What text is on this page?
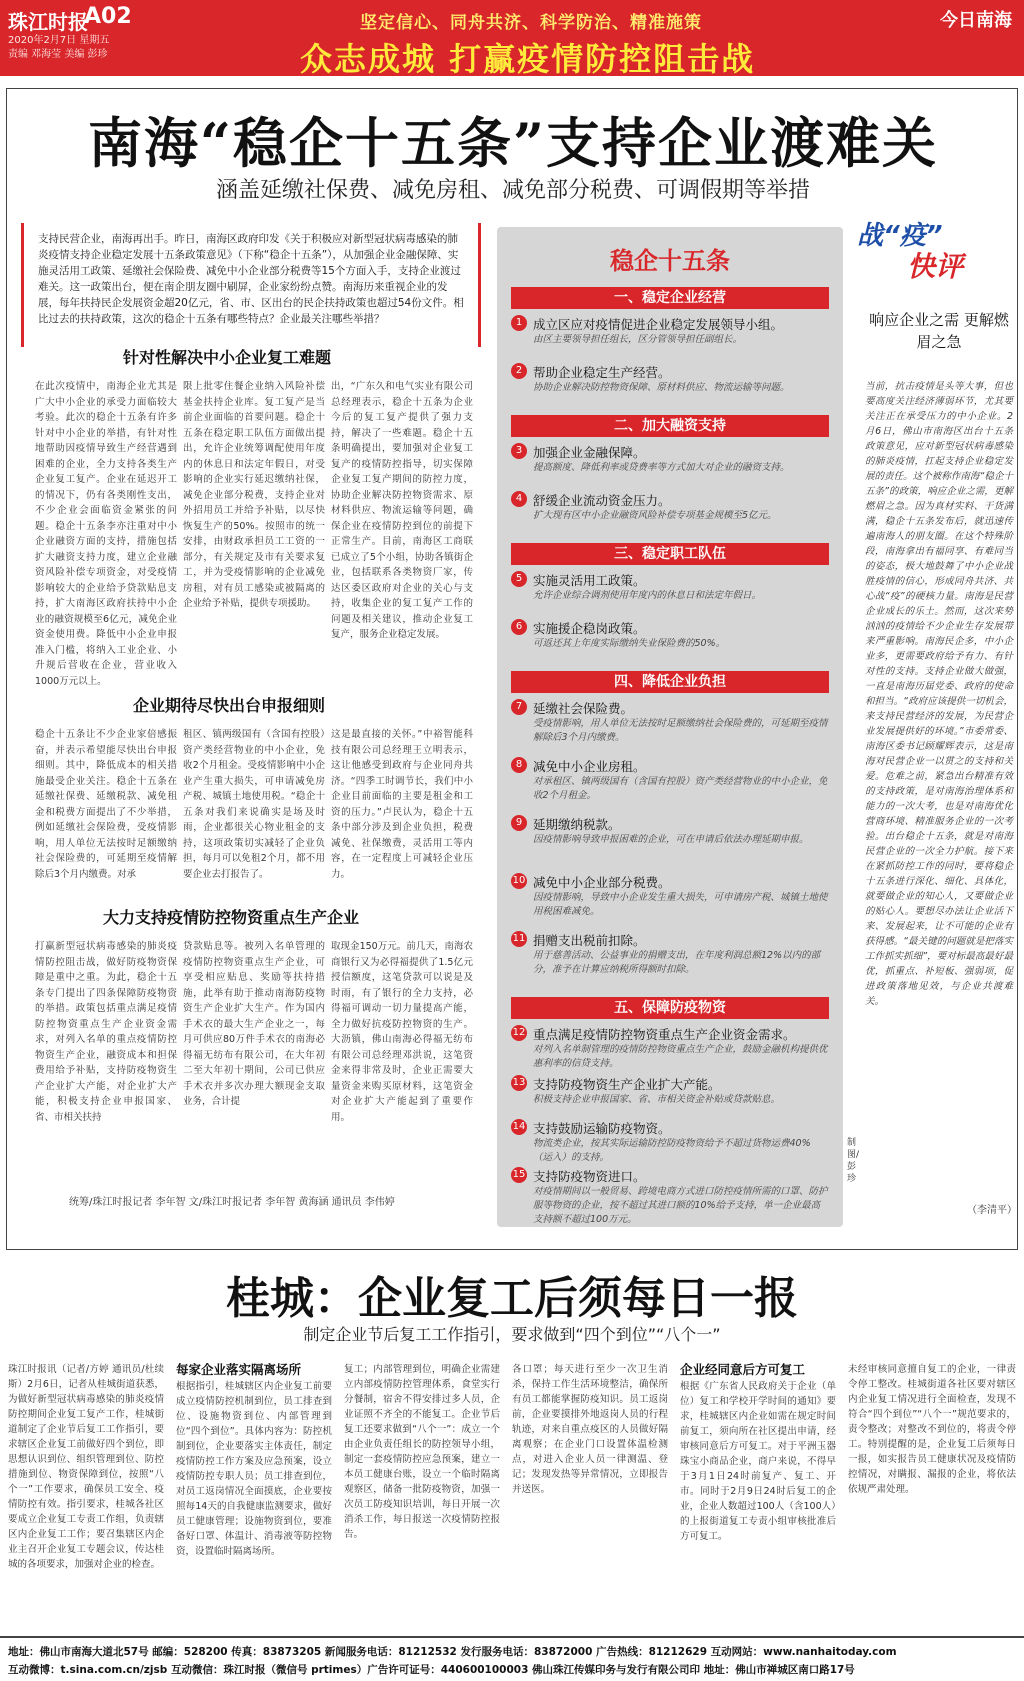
珠江时报
A02
2020年2月7日 星期五
责编 邓海莹 美编 彭珍
坚定信心、同舟共济、科学防治、精准施策
众志成城 打赢疫情防控阻击战
今日南海
南海“稳企十五条”支持企业渡难关
涵盖延缴社保费、减免房租、减免部分税费、可调假期等举措
支持民营企业，南海再出手。昨日，南海区政府印发《关于积极应对新型冠状病毒感染的肺炎疫情支持企业稳定发展十五条政策意见》（下称“稳企十五条”），从加强企业金融保障、实施灵活用工政策、延缴社会保险费、减免中小企业部分税费等15个方面入手，支持企业渡过难关。这一政策出台，便在南企朋友圈中刷屏，企业家纷纷点赞。南海历来重视企业的发展，每年扶持民企发展资金超20亿元，省、市、区出台的民企扶持政策也超过54份文件。相比过去的扶持政策，这次的稳企十五条有哪些特点？企业最关注哪些举措？
针对性解决中小企业复工难题
在此次疫情中，南海企业尤其是广大中小企业的承受力面临较大考验。此次的稳企十五条有许多针对中小企业的举措，有针对性地帮助因疫情导致生产经营遇到困难的企业，全力支持各类生产企业复工复产。企业在延迟开工的情况下，仍有各类刚性支出，不少企业会面临资金紧张的问题。稳企十五条李亦注重对中小企业融资方面的支持，措施包括扩大融资支持力度，建立企业融资风险补偿专项资金，对受疫情影响较大的企业给予贷款贴息支持，扩大南海区政府扶持中小企业的融资规模至6亿元，减免企业资金使用费。降低中小企业申报准入门槛，将纳入工业企业、小升规后营收在企业，营业收入1000万元以上。
限上批零住餐企业纳入风险补偿基金扶持企业库。复工复产是当前企业面临的首要问题。稳企十五条在稳定职工队伍方面做出提出，允许企业统筹调配使用年度内的休息日和法定年假日，对受影响的企业实行延迟缴纳社保，减免企业部分税费，支持企业对外招用员工并给予补贴，以尽快恢复生产的50%。按照市的统一安排，由财政承担员工工资的一部分，有关规定及市有关要求复工，并为受疫情影响的企业减免房租，对有员工感染或被隔离的企业给予补贴，提供专项援助。
出，“广东久和电气实业有限公司总经理表示，稳企十五条为企业今后的复工复产提供了强力支持，解决了一些难题。稳企十五条明确提出，要加强对企业复工复产的疫情防控指导，切实保障企业复工复产期间的防控力度，协助企业解决防控物资需求、原材料供应、物流运输等问题，确保企业在疫情防控到位的前提下正常生产。目前，南海区工商联已成立了5个小组，协助各镇街企业，包括联系各类物资厂家，传达区委区政府对企业的关心与支持，收集企业的复工复产工作的问题及相关建议，推动企业复工复产，服务企业稳定发展。
企业期待尽快出台申报细则
稳企十五条让不少企业家倍感振奋，并表示希望能尽快出台申报细则。其中，降低成本的相关措施最受企业关注。稳企十五条在延缴社保费、延缴税款、减免租金和税费方面提出了不少举措，例如延缴社会保险费，受疫情影响，用人单位无法按时足额缴纳社会保险费的，可延期至疫情解除后3个月内缴费。对承
租区、镇两级国有（含国有控股）资产类经营物业的中小企业，免收2个月租金。受疫情影响中小企业产生重大损失，可申请减免房产税、城镇土地使用税。“稳企十五条对我们来说确实是场及时雨，企业都很关心物业租金的支持，这项政策切实减轻了企业负担，每月可以免租2个月，都不用要企业去打报告了。
这是最直接的关怀。”中裕智能科技有限公司总经理王立明表示，这让他感受到政府与企业同舟共济。“四季工时调节长，我们中小企业目前面临的主要是租金和工资的压力。”卢民认为，稳企十五条中部分涉及到企业负担，税费减免、社保缴费，灵活用工等内容，在一定程度上可减轻企业压力。
大力支持疫情防控物资重点生产企业
打赢新型冠状病毒感染的肺炎疫情防控阻击战，做好防疫物资保障是重中之重。为此，稳企十五条专门提出了四条保障防疫物资的举措。政策包括重点满足疫情防控物资重点生产企业资金需求，对列入名单的重点疫情防控物资生产企业，融资成本和担保费用给予补贴，支持防疫物资生产企业扩大产能，对企业扩大产能，积极支持企业申报国家、省、市相关扶持
贷款贴息等。被列入名单管理的疫情防控物资重点生产企业，可享受相应贴息、奖励等扶持措施，此举有助于推动南海防疫物资生产企业扩大生产。作为国内手术衣的最大生产企业之一，每月可供应80万件手术衣的南海必得福无纺布有限公司，在大年初二至大年初十期间，公司已供应手术衣并多次办理大额现金支取业务，合计提
取现金150万元。前几天，南海农商银行又为必得福提供了1.5亿元授信额度，这笔贷款可以说是及时雨，有了银行的全力支持，必得福可调动一切力量提高产能，全力做好抗疫防控物资的生产。大沥镇，佛山南海必得福无纺布有限公司总经理邓洪说，这笔资金来得非常及时，企业正需要大量资金来购买原材料，这笔资金对企业扩大产能起到了重要作用。
统筹/珠江时报记者 李年智 文/珠江时报记者 李年智 黄海涵 通讯员 李伟婷
稳企十五条
一、稳定企业经营
1 成立区应对疫情促进企业稳定发展领导小组。
由区主要领导担任组长，区分管领导担任副组长。
2 帮助企业稳定生产经营。
协助企业解决防控物资保障、原材料供应、物流运输等问题。
二、加大融资支持
3 加强企业金融保障。
提高额度、降低利率或贷费率等方式加大对企业的融资支持。
4 舒缓企业流动资金压力。
扩大现有区中小企业融资风险补偿专项基金规模至5亿元。
三、稳定职工队伍
5 实施灵活用工政策。
允许企业综合调剂使用年度内的休息日和法定年假日。
6 实施援企稳岗政策。
可返还其上年度实际缴纳失业保险费的50%。
四、降低企业负担
7 延缴社会保险费。
受疫情影响，用人单位无法按时足额缴纳社会保险费的，可延期至疫情解除后3个月内缴费。
8 减免中小企业房租。
对承租区、镇两级国有（含国有控股）资产类经营物业的中小企业，免收2个月租金。
9 延期缴纳税款。
因疫情影响导致申报困难的企业，可在申请后依法办理延期申报。
10 减免中小企业部分税费。
因疫情影响，导致中小企业发生重大损失，可申请房产税、城镇土地使用税困难减免。
11 捐赠支出税前扣除。
用于慈善活动、公益事业的捐赠支出，在年度利润总额12%以内的部分，准予在计算应纳税所得额时扣除。
五、保障防疫物资
12 重点满足疫情防控物资重点生产企业资金需求。
对列入名单制管理的疫情防控物资重点生产企业，鼓励金融机构提供优惠利率的信贷支持。
13 支持防疫物资生产企业扩大产能。
积极支持企业申报国家、省、市相关资金补贴或贷款贴息。
14 支持鼓励运输防疫物资。
物流类企业，按其实际运输防控防疫物资给予不超过货物运费40%（运入）的支持。
15 支持防疫物资进口。
对疫情期间以一般贸易、跨境电商方式进口防控疫情所需的口罩、防护服等物资的企业，按不超过其进口额的10%给予支持，单一企业最高支持额不超过100万元。
制图/彭珍
战“疫”
快评
响应企业之需 更解燃眉之急
当前，抗击疫情是头等大事，但也要高度关注经济薄弱环节，尤其要关注正在承受压力的中小企业。2月6日，佛山市南海区出台十五条政策意见，应对新型冠状病毒感染的肺炎疫情，扛起支持企业稳定发展的责任。这个被称作南海“稳企十五条”的政策，响应企业之需，更解燃眉之急。因为真材实料、干货满满，稳企十五条发布后，就迅速传遍南海人的朋友圈。在这个特殊阶段，南海拿出有福同享、有难同当的姿态，极大地鼓舞了中小企业战胜疫情的信心，形成同舟共济、共心战“疫”的硬核力量。南海是民营企业成长的乐土。然而，这次来势汹汹的疫情给不少企业生存发展带来严重影响。南海民企多，中小企业多，更需要政府给予有力、有针对性的支持。支持企业做大做强，一直是南海历届党委、政府的使命和担当。“政府应该提供一切机会，来支持民营经济的发展，为民营企业发展提供好的环境。”市委常委、南海区委书记顾耀辉表示，这是南海对民营企业一以贯之的支持和关爱。危难之前，紧急出台精准有效的支持政策，是对南海治理体系和能力的一次大考，也是对南海优化营商环境、精准服务企业的一次考验。出台稳企十五条，就是对南海民营企业的一次全力护航。接下来在紧抓防控工作的同时，要将稳企十五条进行深化、细化、具体化，就要做企业的知心人，又要做企业的贴心人。要想尽办法让企业活下来、发展起来，让不可能的企业有获得感。“最关键的问题就是把落实工作抓实抓细”，要对标最高最好最优，抓重点、补短板、强弱项，促进政策落地见效，与企业共渡难关。
（李清平）
桂城：企业复工后须每日一报
制定企业节后复工工作指引，要求做到“四个到位”“八个一”
珠江时报讯（记者/方婷 通讯员/杜续斯）2月6日，记者从桂城街道获悉，为做好新型冠状病毒感染的肺炎疫情防控期间企业复工复产工作，桂城街道制定了企业节后复工工作指引，要求辖区企业复工前做好四个到位，即思想认识到位、组织管理到位、防控措施到位、物资保障到位，按照“八个一”工作要求，确保员工安全、疫情防控有效。指引要求，桂城各社区要成立企业复工专责工作组，负责辖区内企业复工工作；要召集辖区内企业主召开企业复工专题会议，传达桂城的各项要求，加强对企业的检查。
每家企业落实隔离场所
根据指引，桂城辖区内企业复工前要成立疫情防控机制到位，员工排查到位、设施物资到位、内部管理到位“四个到位”。具体内容为：防控机制到位，企业要落实主体责任，制定疫情防控工作方案及应急预案，设立疫情防控专职人员；员工排查到位，对员工返岗情况全面摸底，企业要按照每14天的自我健康监测要求，做好员工健康管理；设施物资到位，要准备好口罩、体温计、消毒液等防控物资，设置临时隔离场所。
复工；内部管理到位，明确企业需建立内部疫情防控管理体系，食堂实行分餐制，宿舍不得安排过多人员，企业证照不齐全的不能复工。企业节后复工还要求做到“八个一”：成立一个由企业负责任组长的防控领导小组，制定一套疫情防控应急预案，建立一本员工健康台账，设立一个临时隔离观察区，储备一批防疫物资，加强一次员工防疫知识培训，每日开展一次消杀工作，每日报送一次疫情防控报告。
各口罩；每天进行至少一次卫生消杀，保持工作生活环境整洁，确保所有员工都能掌握防疫知识。员工返岗前，企业要摸排外地返岗人员的行程轨迹，对来自重点疫区的人员做好隔离观察；在企业门口设置体温检测点，对进入企业人员一律测温、登记；发现发热等异常情况，立即报告并送医。
企业经同意后方可复工
根据《广东省人民政府关于企业（单位）复工和学校开学时间的通知》要求，桂城辖区内企业如需在规定时间前复工，须向所在社区提出申请，经审核同意后方可复工。对于平洲玉器珠宝小商品企业，商户来说，不得早于3月1日24时前复产、复工、开市。同时于2月9日24时后复工的企业，企业人数超过100人（含100人）的上报街道复工专责小组审核批准后方可复工。
未经审核同意擅自复工的企业，一律责令停工整改。桂城街道各社区要对辖区内企业复工情况进行全面检查，发现不符合“四个到位”“八个一”规范要求的，责令整改；对整改不到位的，将责令停工。特别提醒的是，企业复工后须每日一报，如实报告员工健康状况及疫情防控情况，对瞒报、漏报的企业，将依法依规严肃处理。
地址：佛山市南海大道北57号 邮编：528200 传真：83873205 新闻服务电话：81212532 发行服务电话：83872000 广告热线：81212629 互动网站：www.nanhaitoday.com
互动微博：t.sina.com.cn/zjsb 互动微信：珠江时报（微信号 prtimes）广告许可证号：440600100003 佛山珠江传媒印务与发行有限公司印 地址：佛山市禅城区南口路17号
